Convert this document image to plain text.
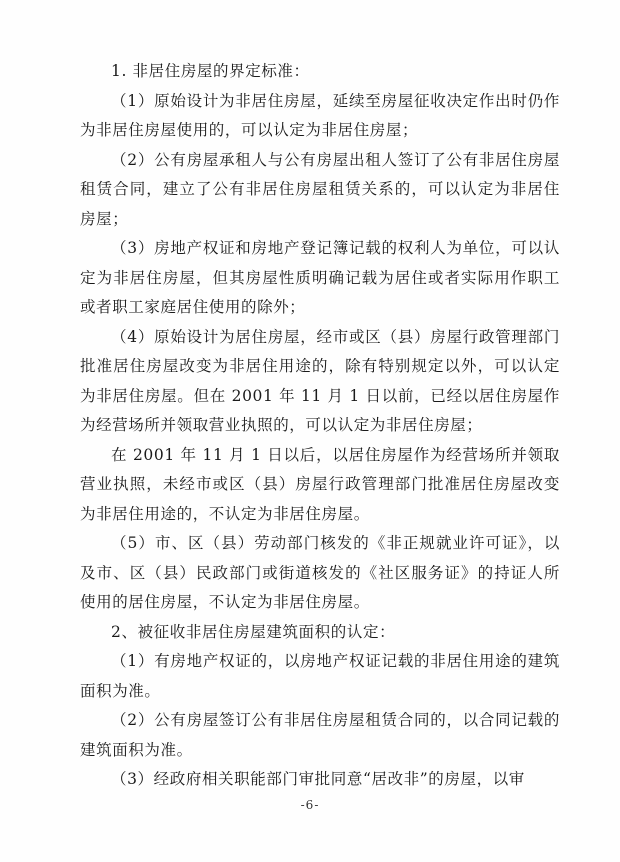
1. 非居住房屋的界定标准：

（1）原始设计为非居住房屋，延续至房屋征收决定作出时仍作为非居住房屋使用的，可以认定为非居住房屋；

（2）公有房屋承租人与公有房屋出租人签订了公有非居住房屋租赁合同，建立了公有非居住房屋租赁关系的，可以认定为非居住房屋；

（3）房地产权证和房地产登记簿记载的权利人为单位，可以认定为非居住房屋，但其房屋性质明确记载为居住或者实际用作职工或者职工家庭居住使用的除外；

（4）原始设计为居住房屋，经市或区（县）房屋行政管理部门批准居住房屋改变为非居住用途的，除有特别规定以外，可以认定为非居住房屋。但在 2001 年 11 月 1 日以前，已经以居住房屋作为经营场所并领取营业执照的，可以认定为非居住房屋；

在 2001 年 11 月 1 日以后，以居住房屋作为经营场所并领取营业执照，未经市或区（县）房屋行政管理部门批准居住房屋改变为非居住用途的，不认定为非居住房屋。

（5）市、区（县）劳动部门核发的《非正规就业许可证》，以及市、区（县）民政部门或街道核发的《社区服务证》的持证人所使用的居住房屋，不认定为非居住房屋。

2、被征收非居住房屋建筑面积的认定：

（1）有房地产权证的，以房地产权证记载的非居住用途的建筑面积为准。

（2）公有房屋签订公有非居住房屋租赁合同的，以合同记载的建筑面积为准。

（3）经政府相关职能部门审批同意“居改非”的房屋，以审

-6-
